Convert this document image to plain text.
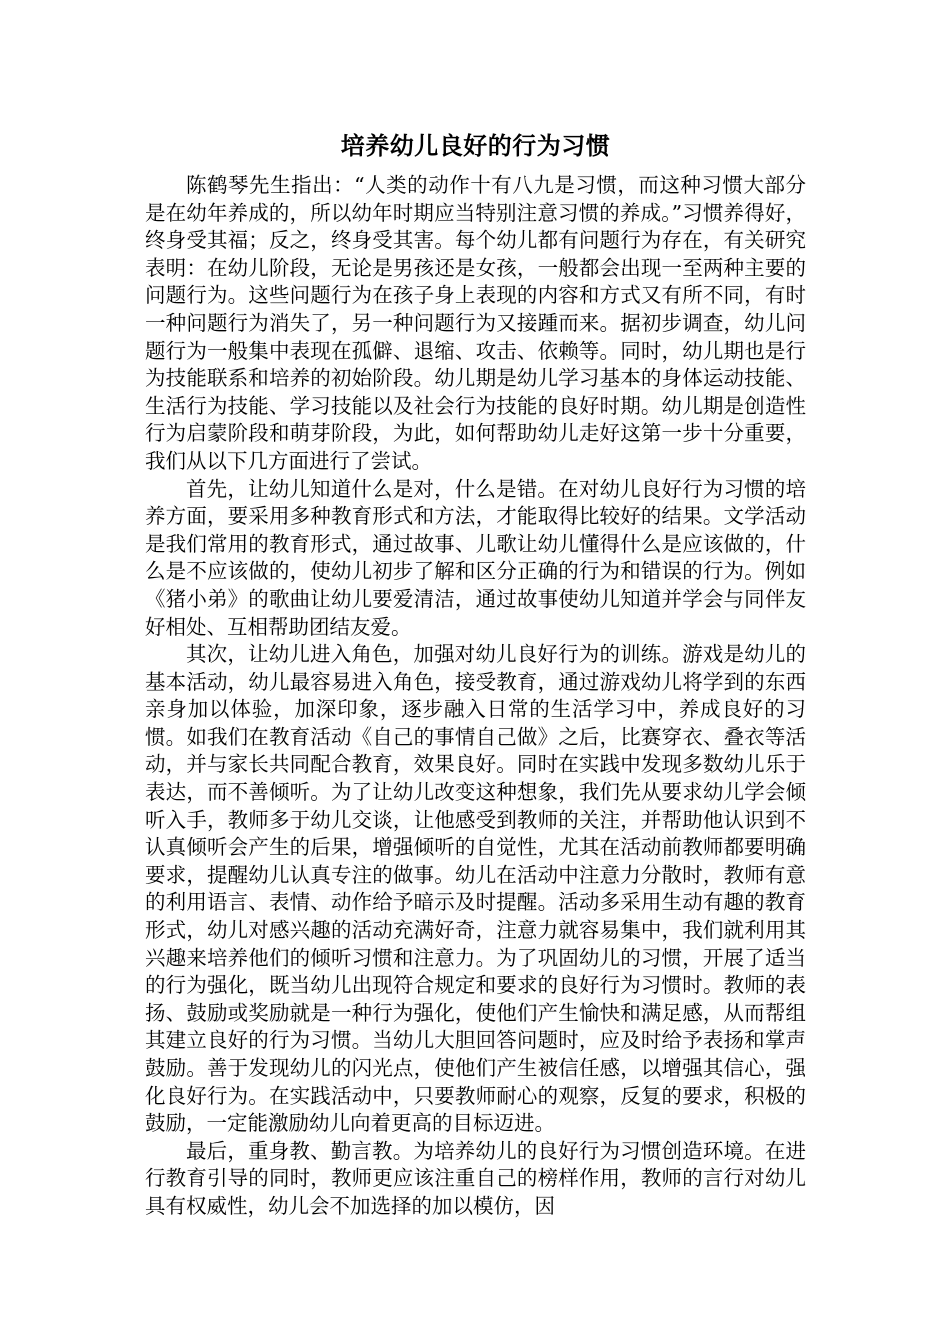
培养幼儿良好的行为习惯

陈鹤琴先生指出：“人类的动作十有八九是习惯，而这种习惯大部分是在幼年养成的，所以幼年时期应当特别注意习惯的养成。”习惯养得好，终身受其福；反之，终身受其害。每个幼儿都有问题行为存在，有关研究表明：在幼儿阶段，无论是男孩还是女孩，一般都会出现一至两种主要的问题行为。这些问题行为在孩子身上表现的内容和方式又有所不同，有时一种问题行为消失了，另一种问题行为又接踵而来。据初步调查，幼儿问题行为一般集中表现在孤僻、退缩、攻击、依赖等。同时，幼儿期也是行为技能联系和培养的初始阶段。幼儿期是幼儿学习基本的身体运动技能、生活行为技能、学习技能以及社会行为技能的良好时期。幼儿期是创造性行为启蒙阶段和萌芽阶段，为此，如何帮助幼儿走好这第一步十分重要，我们从以下几方面进行了尝试。

首先，让幼儿知道什么是对，什么是错。在对幼儿良好行为习惯的培养方面，要采用多种教育形式和方法，才能取得比较好的结果。文学活动是我们常用的教育形式，通过故事、儿歌让幼儿懂得什么是应该做的，什么是不应该做的，使幼儿初步了解和区分正确的行为和错误的行为。例如《猪小弟》的歌曲让幼儿要爱清洁，通过故事使幼儿知道并学会与同伴友好相处、互相帮助团结友爱。

其次，让幼儿进入角色，加强对幼儿良好行为的训练。游戏是幼儿的基本活动，幼儿最容易进入角色，接受教育，通过游戏幼儿将学到的东西亲身加以体验，加深印象，逐步融入日常的生活学习中，养成良好的习惯。如我们在教育活动《自己的事情自己做》之后，比赛穿衣、叠衣等活动，并与家长共同配合教育，效果良好。同时在实践中发现多数幼儿乐于表达，而不善倾听。为了让幼儿改变这种想象，我们先从要求幼儿学会倾听入手，教师多于幼儿交谈，让他感受到教师的关注，并帮助他认识到不认真倾听会产生的后果，增强倾听的自觉性，尤其在活动前教师都要明确要求，提醒幼儿认真专注的做事。幼儿在活动中注意力分散时，教师有意的利用语言、表情、动作给予暗示及时提醒。活动多采用生动有趣的教育形式，幼儿对感兴趣的活动充满好奇，注意力就容易集中，我们就利用其兴趣来培养他们的倾听习惯和注意力。为了巩固幼儿的习惯，开展了适当的行为强化，既当幼儿出现符合规定和要求的良好行为习惯时。教师的表扬、鼓励或奖励就是一种行为强化，使他们产生愉快和满足感，从而帮组其建立良好的行为习惯。当幼儿大胆回答问题时，应及时给予表扬和掌声鼓励。善于发现幼儿的闪光点，使他们产生被信任感，以增强其信心，强化良好行为。在实践活动中，只要教师耐心的观察，反复的要求，积极的鼓励，一定能激励幼儿向着更高的目标迈进。

最后，重身教、勤言教。为培养幼儿的良好行为习惯创造环境。在进行教育引导的同时，教师更应该注重自己的榜样作用，教师的言行对幼儿具有权威性，幼儿会不加选择的加以模仿，因
